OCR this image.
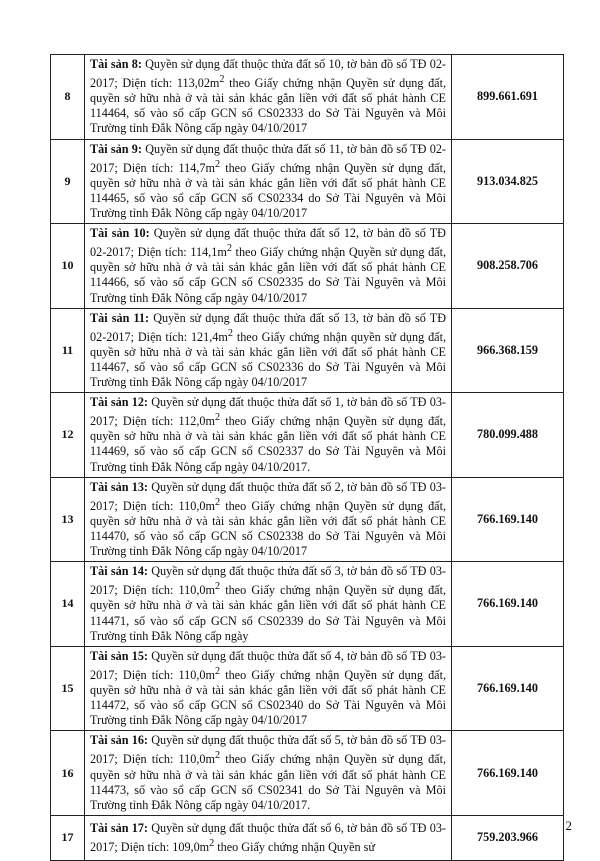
8	Tài sản 8: Quyền sử dụng đất thuộc thửa đất số 10, tờ bản đồ số TĐ 02-2017; Diện tích: $113,02m^2$ theo Giấy chứng nhận Quyền sử dụng đất, quyền sở hữu nhà ở và tài sản khác gắn liền với đất số phát hành CE 114464, số vào sổ cấp GCN số CS02333 do Sở Tài Nguyên và Môi Trường tỉnh Đắk Nông cấp ngày 04/10/2017	899.661.691
9	Tài sản 9: Quyền sử dụng đất thuộc thửa đất số 11, tờ bản đồ số TĐ 02-2017; Diện tích: $114,7m^2$ theo Giấy chứng nhận Quyền sử dụng đất, quyền sở hữu nhà ở và tài sản khác gắn liền với đất số phát hành CE 114465, số vào sổ cấp GCN số CS02334 do Sở Tài Nguyên và Môi Trường tỉnh Đắk Nông cấp ngày 04/10/2017	913.034.825
10	Tài sản 10: Quyền sử dụng đất thuộc thửa đất số 12, tờ bản đồ số TĐ 02-2017; Diện tích: $114,1m^2$ theo Giấy chứng nhận Quyền sử dụng đất, quyền sở hữu nhà ở và tài sản khác gắn liền với đất số phát hành CE 114466, số vào sổ cấp GCN số CS02335 do Sở Tài Nguyên và Môi Trường tỉnh Đắk Nông cấp ngày 04/10/2017	908.258.706
11	Tài sản 11: Quyền sử dụng đất thuộc thửa đất số 13, tờ bản đồ số TĐ 02-2017; Diện tích: $121,4m^2$ theo Giấy chứng nhận quyền sử dụng đất, quyền sở hữu nhà ở và tài sản khác gắn liền với đất số phát hành CE 114467, số vào sổ cấp GCN số CS02336 do Sở Tài Nguyên và Môi Trường tỉnh Đắk Nông cấp ngày 04/10/2017	966.368.159
12	Tài sản 12: Quyền sử dụng đất thuộc thửa đất số 1, tờ bản đồ số TĐ 03-2017; Diện tích: $112,0m^2$ theo Giấy chứng nhận Quyền sử dụng đất, quyền sở hữu nhà ở và tài sản khác gắn liền với đất số phát hành CE 114469, số vào sổ cấp GCN số CS02337 do Sở Tài Nguyên và Môi Trường tỉnh Đắk Nông cấp ngày 04/10/2017.	780.099.488
13	Tài sản 13: Quyền sử dụng đất thuộc thửa đất số 2, tờ bản đồ số TĐ 03-2017; Diện tích: $110,0m^2$ theo Giấy chứng nhận Quyền sử dụng đất, quyền sở hữu nhà ở và tài sản khác gắn liền với đất số phát hành CE 114470, số vào sổ cấp GCN số CS02338 do Sở Tài Nguyên và Môi Trường tỉnh Đắk Nông cấp ngày 04/10/2017	766.169.140
14	Tài sản 14: Quyền sử dụng đất thuộc thửa đất số 3, tờ bản đồ số TĐ 03-2017; Diện tích: $110,0m^2$ theo Giấy chứng nhận Quyền sử dụng đất, quyền sở hữu nhà ở và tài sản khác gắn liền với đất số phát hành CE 114471, số vào sổ cấp GCN số CS02339 do Sở Tài Nguyên và Môi Trường tỉnh Đắk Nông cấp ngày	766.169.140
15	Tài sản 15: Quyền sử dụng đất thuộc thửa đất số 4, tờ bản đồ số TĐ 03-2017; Diện tích: $110,0m^2$ theo Giấy chứng nhận Quyền sử dụng đất, quyền sở hữu nhà ở và tài sản khác gắn liền với đất số phát hành CE 114472, số vào sổ cấp GCN số CS02340 do Sở Tài Nguyên và Môi Trường tỉnh Đắk Nông cấp ngày 04/10/2017	766.169.140
16	Tài sản 16: Quyền sử dụng đất thuộc thửa đất số 5, tờ bản đồ số TĐ 03-2017; Diện tích: $110,0m^2$ theo Giấy chứng nhận Quyền sử dụng đất, quyền sở hữu nhà ở và tài sản khác gắn liền với đất số phát hành CE 114473, số vào sổ cấp GCN số CS02341 do Sở Tài Nguyên và Môi Trường tỉnh Đắk Nông cấp ngày 04/10/2017.	766.169.140
17	Tài sản 17: Quyền sử dụng đất thuộc thửa đất số 6, tờ bản đồ số TĐ 03-2017; Diện tích: $109,0m^2$ theo Giấy chứng nhận Quyền sử	759.203.966
2
